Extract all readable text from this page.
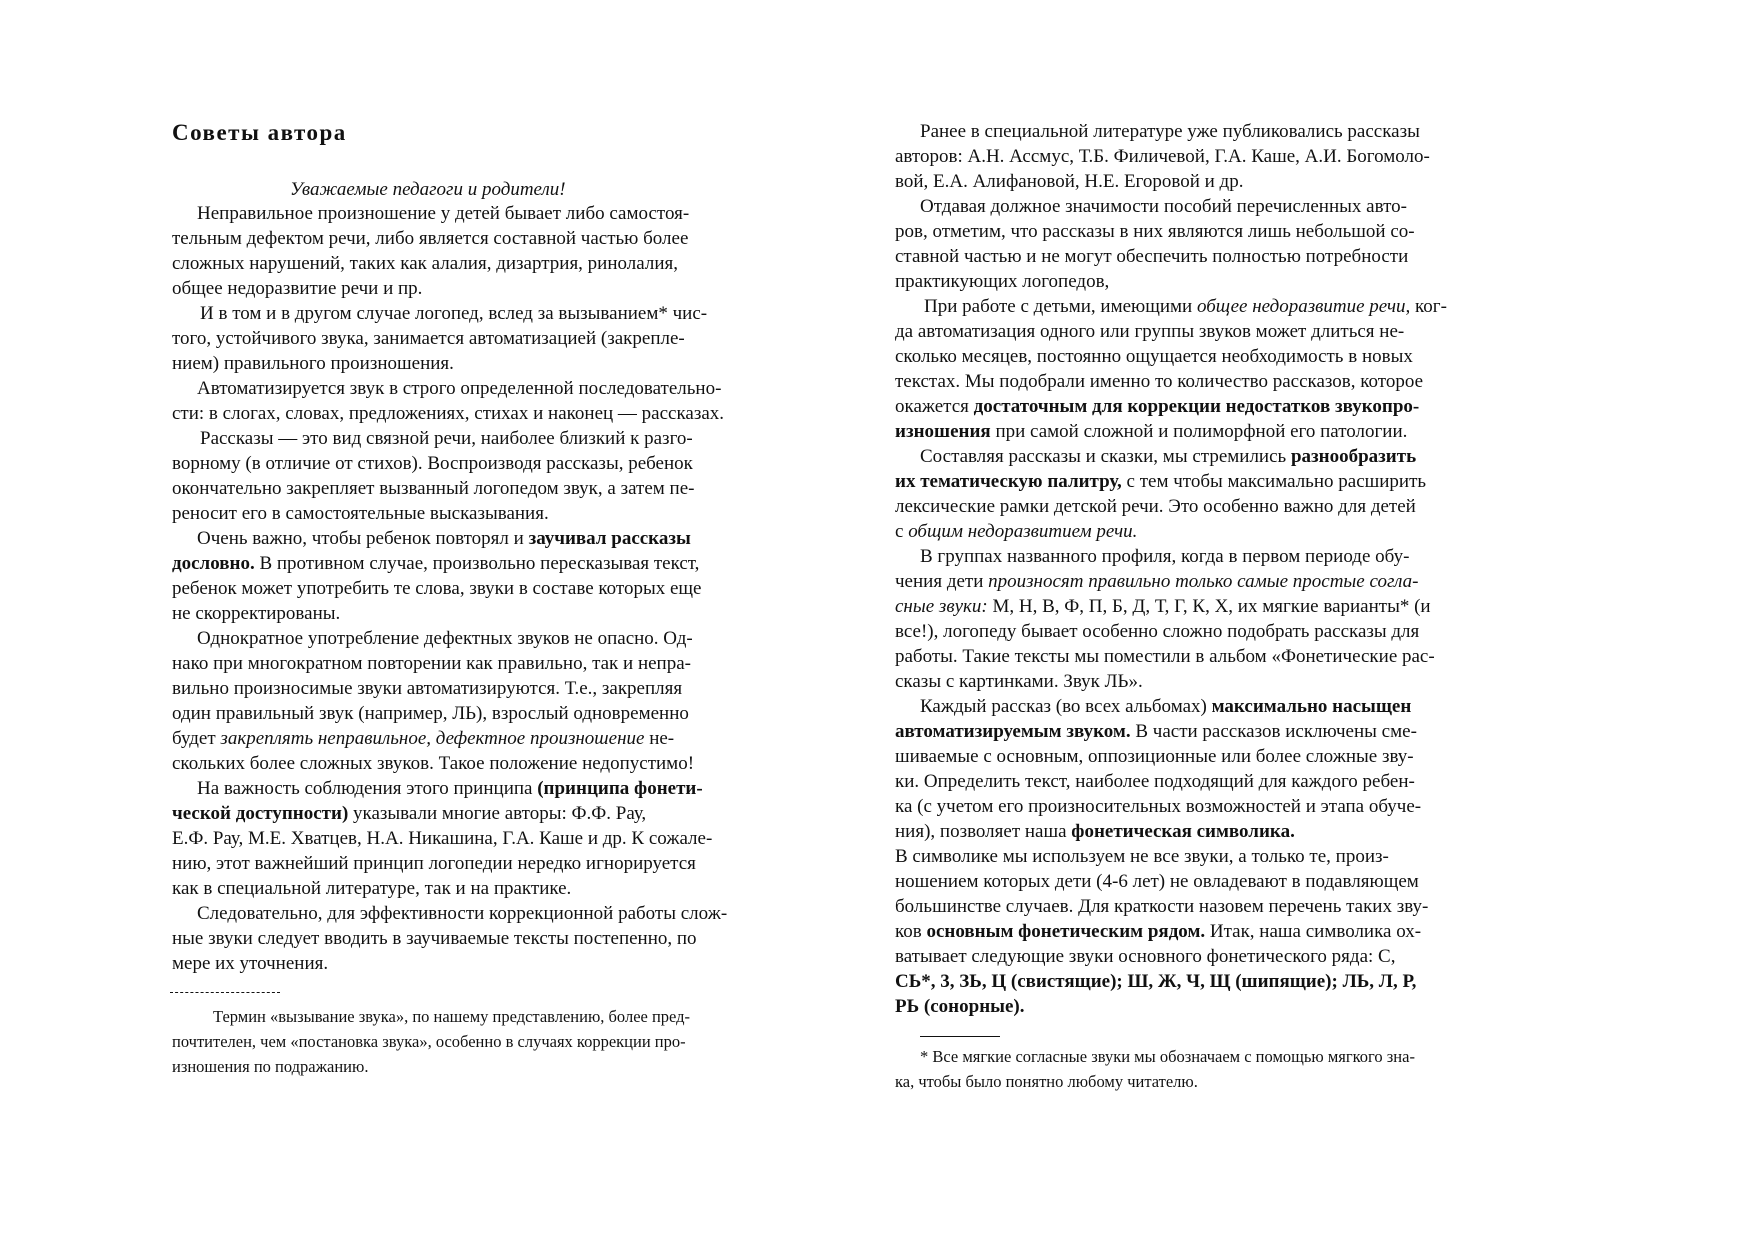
Советы автора

Уважаемые педагоги и родители!

Неправильное произношение у детей бывает либо самостоя-

тельным дефектом речи, либо является составной частью более

сложных нарушений, таких как алалия, дизартрия, ринолалия,

общее недоразвитие речи и пр.

И в том и в другом случае логопед, вслед за вызыванием* чис-

того, устойчивого звука, занимается автоматизацией (закрепле-

нием) правильного произношения.

Автоматизируется звук в строго определенной последовательно-

сти: в слогах, словах, предложениях, стихах и наконец — рассказах.

Рассказы — это вид связной речи, наиболее близкий к разго-

ворному (в отличие от стихов). Воспроизводя рассказы, ребенок

окончательно закрепляет вызванный логопедом звук, а затем пе-

реносит его в самостоятельные высказывания.

Очень важно, чтобы ребенок повторял и заучивал рассказы

дословно. В противном случае, произвольно пересказывая текст,

ребенок может употребить те слова, звуки в составе которых еще

не скорректированы.

Однократное употребление дефектных звуков не опасно. Од-

нако при многократном повторении как правильно, так и непра-

вильно произносимые звуки автоматизируются. Т.е., закрепляя

один правильный звук (например, ЛЬ), взрослый одновременно

будет закреплять неправильное, дефектное произношение не-

скольких более сложных звуков. Такое положение недопустимо!

На важность соблюдения этого принципа (принципа фонети-

ческой доступности) указывали многие авторы: Ф.Ф. Рау,

Е.Ф. Рау, М.Е. Хватцев, Н.А. Никашина, Г.А. Каше и др. К сожале-

нию, этот важнейший принцип логопедии нередко игнорируется

как в специальной литературе, так и на практике.

Следовательно, для эффективности коррекционной работы слож-

ные звуки следует вводить в заучиваемые тексты постепенно, по

мере их уточнения.

Термин «вызывание звука», по нашему представлению, более пред-

почтителен, чем «постановка звука», особенно в случаях коррекции про-

изношения по подражанию.

Ранее в специальной литературе уже публиковались рассказы

авторов: А.Н. Ассмус, Т.Б. Филичевой, Г.А. Каше, А.И. Богомоло-

вой, Е.А. Алифановой, Н.Е. Егоровой и др.

Отдавая должное значимости пособий перечисленных авто-

ров, отметим, что рассказы в них являются лишь небольшой со-

ставной частью и не могут обеспечить полностью потребности

практикующих логопедов,

При работе с детьми, имеющими общее недоразвитие речи, ког-

да автоматизация одного или группы звуков может длиться не-

сколько месяцев, постоянно ощущается необходимость в новых

текстах. Мы подобрали именно то количество рассказов, которое

окажется достаточным для коррекции недостатков звукопро-

изношения при самой сложной и полиморфной его патологии.

Составляя рассказы и сказки, мы стремились разнообразить

их тематическую палитру, с тем чтобы максимально расширить

лексические рамки детской речи. Это особенно важно для детей

с общим недоразвитием речи.

В группах названного профиля, когда в первом периоде обу-

чения дети произносят правильно только самые простые согла-

сные звуки: М, Н, В, Ф, П, Б, Д, Т, Г, К, Х, их мягкие варианты* (и

все!), логопеду бывает особенно сложно подобрать рассказы для

работы. Такие тексты мы поместили в альбом «Фонетические рас-

сказы с картинками. Звук ЛЬ».

Каждый рассказ (во всех альбомах) максимально насыщен

автоматизируемым звуком. В части рассказов исключены сме-

шиваемые с основным, оппозиционные или более сложные зву-

ки. Определить текст, наиболее подходящий для каждого ребен-

ка (с учетом его произносительных возможностей и этапа обуче-

ния), позволяет наша фонетическая символика.

В символике мы используем не все звуки, а только те, произ-

ношением которых дети (4-6 лет) не овладевают в подавляющем

большинстве случаев. Для краткости назовем перечень таких зву-

ков основным фонетическим рядом. Итак, наша символика ох-

ватывает следующие звуки основного фонетического ряда: С,

СЬ*, 3, ЗЬ, Ц (свистящие); Ш, Ж, Ч, Щ (шипящие); ЛЬ, Л, Р,

РЬ (сонорные).

* Все мягкие согласные звуки мы обозначаем с помощью мягкого зна-

ка, чтобы было понятно любому читателю.
